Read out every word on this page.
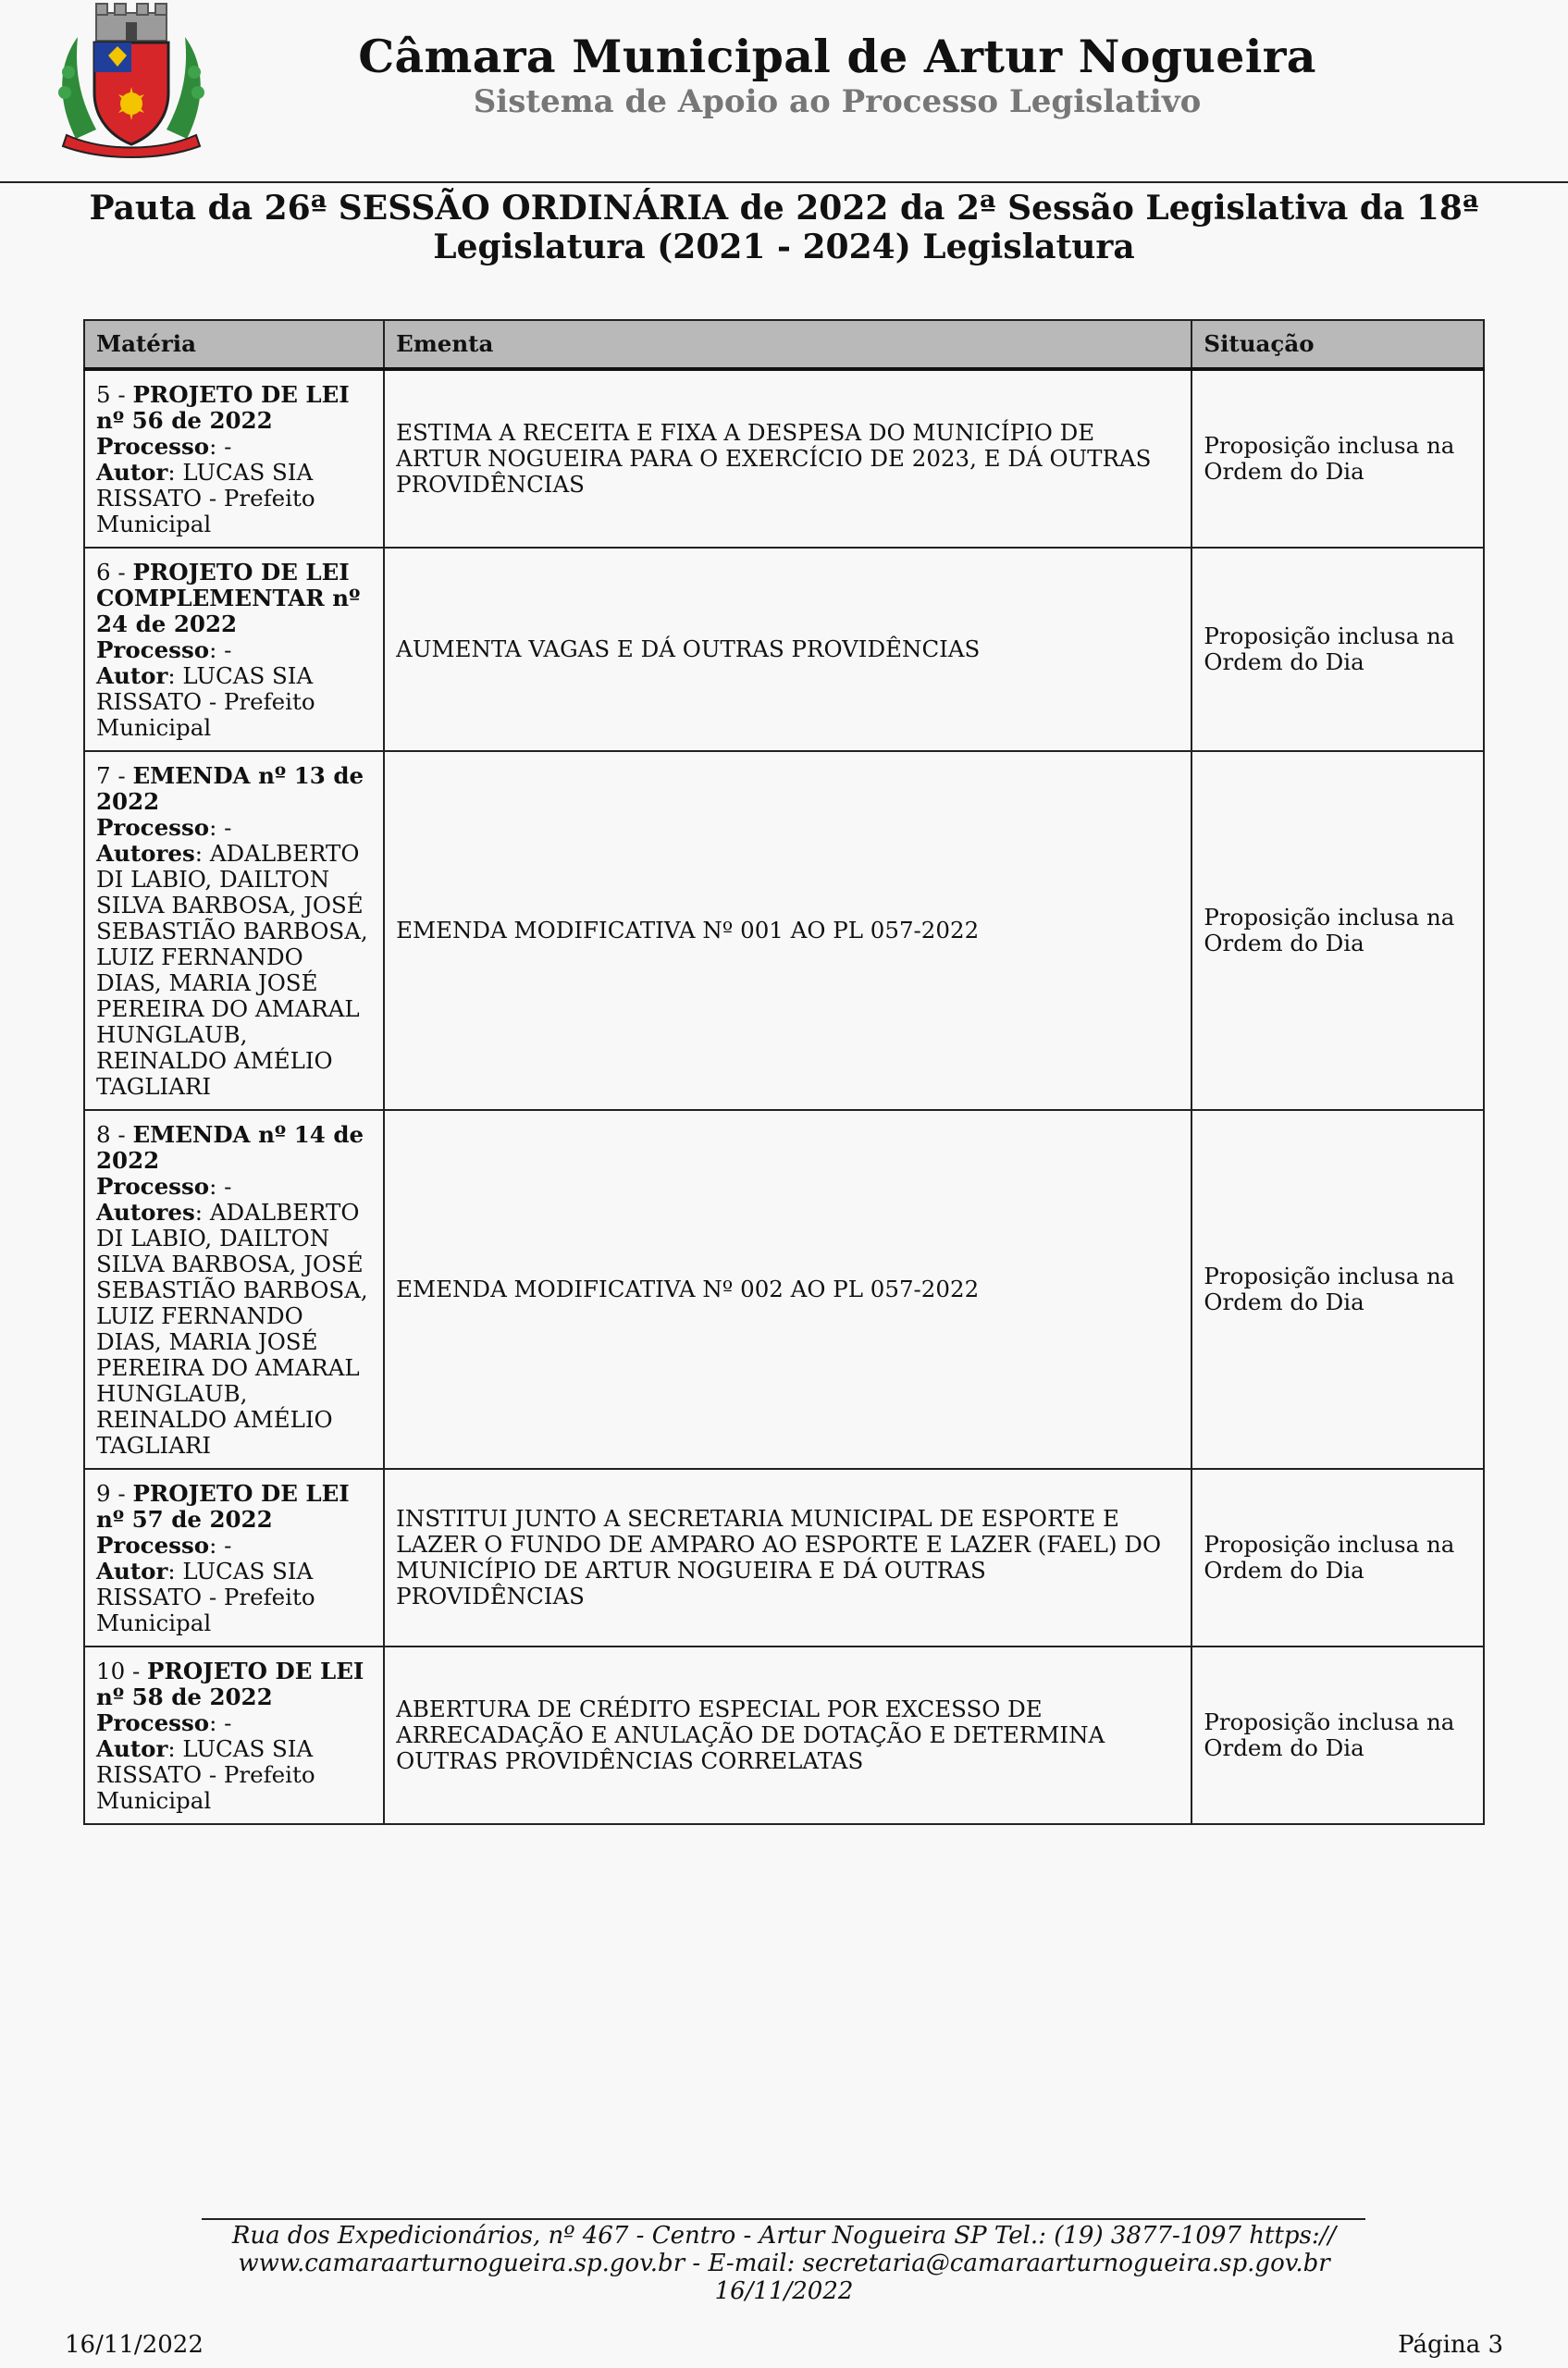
Câmara Municipal de Artur Nogueira
Sistema de Apoio ao Processo Legislativo
Pauta da 26ª SESSÃO ORDINÁRIA de 2022 da 2ª Sessão Legislativa da 18ª Legislatura (2021 - 2024) Legislatura
Matéria	Ementa	Situação
5 - PROJETO DE LEI nº 56 de 2022
Processo: -
Autor: LUCAS SIA RISSATO - Prefeito Municipal	ESTIMA A RECEITA E FIXA A DESPESA DO MUNICÍPIO DE ARTUR NOGUEIRA PARA O EXERCÍCIO DE 2023, E DÁ OUTRAS PROVIDÊNCIAS	Proposição inclusa na Ordem do Dia
6 - PROJETO DE LEI COMPLEMENTAR nº 24 de 2022
Processo: -
Autor: LUCAS SIA RISSATO - Prefeito Municipal	AUMENTA VAGAS E DÁ OUTRAS PROVIDÊNCIAS	Proposição inclusa na Ordem do Dia
7 - EMENDA nº 13 de 2022
Processo: -
Autores: ADALBERTO DI LABIO, DAILTON SILVA BARBOSA, JOSÉ SEBASTIÃO BARBOSA, LUIZ FERNANDO DIAS, MARIA JOSÉ PEREIRA DO AMARAL HUNGLAUB, REINALDO AMÉLIO TAGLIARI	EMENDA MODIFICATIVA Nº 001 AO PL 057-2022	Proposição inclusa na Ordem do Dia
8 - EMENDA nº 14 de 2022
Processo: -
Autores: ADALBERTO DI LABIO, DAILTON SILVA BARBOSA, JOSÉ SEBASTIÃO BARBOSA, LUIZ FERNANDO DIAS, MARIA JOSÉ PEREIRA DO AMARAL HUNGLAUB, REINALDO AMÉLIO TAGLIARI	EMENDA MODIFICATIVA Nº 002 AO PL 057-2022	Proposição inclusa na Ordem do Dia
9 - PROJETO DE LEI nº 57 de 2022
Processo: -
Autor: LUCAS SIA RISSATO - Prefeito Municipal	INSTITUI JUNTO A SECRETARIA MUNICIPAL DE ESPORTE E LAZER O FUNDO DE AMPARO AO ESPORTE E LAZER (FAEL) DO MUNICÍPIO DE ARTUR NOGUEIRA E DÁ OUTRAS PROVIDÊNCIAS	Proposição inclusa na Ordem do Dia
10 - PROJETO DE LEI nº 58 de 2022
Processo: -
Autor: LUCAS SIA RISSATO - Prefeito Municipal	ABERTURA DE CRÉDITO ESPECIAL POR EXCESSO DE ARRECADAÇÃO E ANULAÇÃO DE DOTAÇÃO E DETERMINA OUTRAS PROVIDÊNCIAS CORRELATAS	Proposição inclusa na Ordem do Dia
Rua dos Expedicionários, nº 467 - Centro - Artur Nogueira SP Tel.: (19) 3877-1097 https:// www.camaraarturnogueira.sp.gov.br - E-mail: secretaria@camaraarturnogueira.sp.gov.br
16/11/2022
16/11/2022	Página 3
